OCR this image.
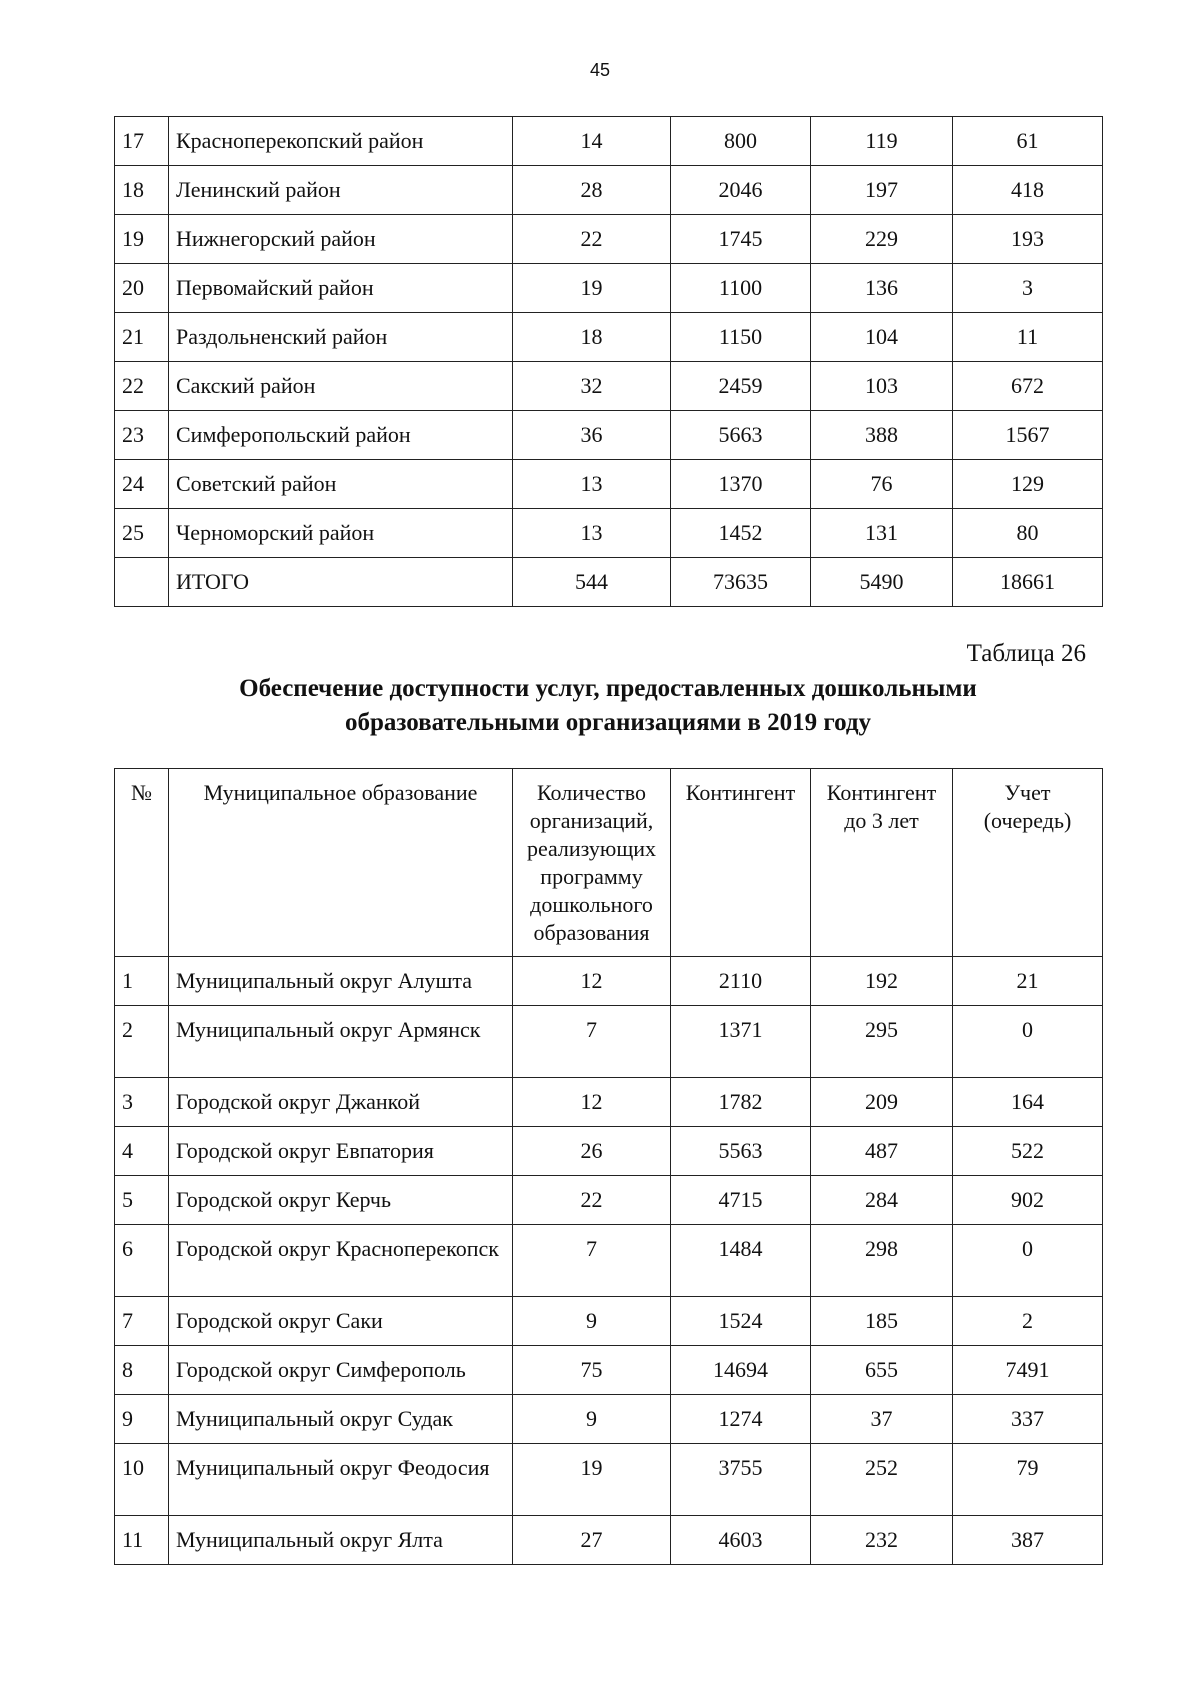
45
17	Красноперекопский район	14	800	119	61
18	Ленинский район	28	2046	197	418
19	Нижнегорский район	22	1745	229	193
20	Первомайский район	19	1100	136	3
21	Раздольненский район	18	1150	104	11
22	Сакский район	32	2459	103	672
23	Симферопольский район	36	5663	388	1567
24	Советский район	13	1370	76	129
25	Черноморский район	13	1452	131	80
	ИТОГО	544	73635	5490	18661
Таблица 26
Обеспечение доступности услуг, предоставленных дошкольными
образовательными организациями в 2019 году
№	Муниципальное образование	Количество организаций, реализующих программу дошкольного образования	Контингент	Контингент до 3 лет	Учет (очередь)
1	Муниципальный округ Алушта	12	2110	192	21
2	Муниципальный округ Армянск	7	1371	295	0
3	Городской округ Джанкой	12	1782	209	164
4	Городской округ Евпатория	26	5563	487	522
5	Городской округ Керчь	22	4715	284	902
6	Городской округ Красноперекопск	7	1484	298	0
7	Городской округ Саки	9	1524	185	2
8	Городской округ Симферополь	75	14694	655	7491
9	Муниципальный округ Судак	9	1274	37	337
10	Муниципальный округ Феодосия	19	3755	252	79
11	Муниципальный округ Ялта	27	4603	232	387
